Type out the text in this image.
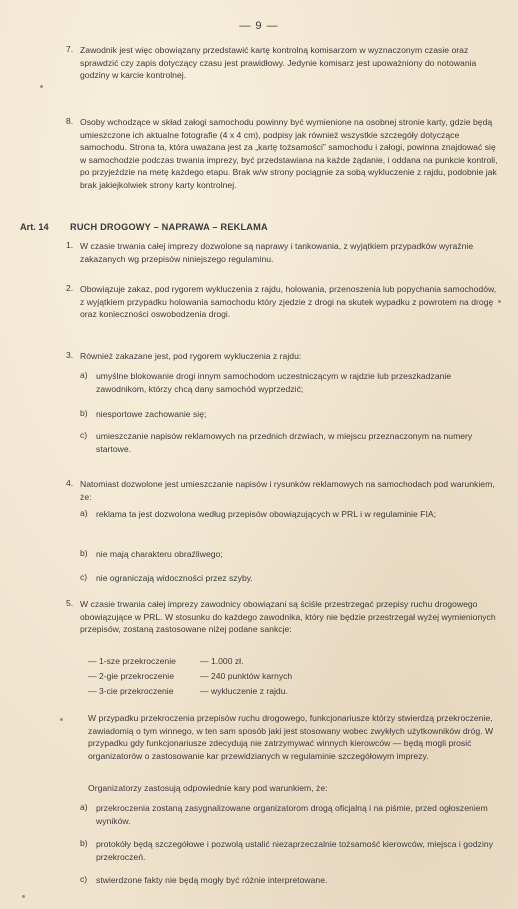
— 9 —
7. Zawodnik jest więc obowiązany przedstawić kartę kontrolną komisarzom w wyznaczonym czasie oraz sprawdzić czy zapis dotyczący czasu jest prawidłowy. Jedynie komisarz jest upoważniony do notowania godziny w karcie kontrolnej.
8. Osoby wchodzące w skład załogi samochodu powinny być wymienione na osobnej stronie karty, gdzie będą umieszczone ich aktualne fotografie (4 x 4 cm), podpisy jak również wszystkie szczegóły dotyczące samochodu. Strona ta, która uważana jest za „kartę tożsamości” samochodu i załogi, powinna znajdować się w samochodzie podczas trwania imprezy, być przedstawiana na każde żądanie, i oddana na punkcie kontroli, po przyjeździe na metę każdego etapu. Brak w/w strony pociągnie za sobą wykluczenie z rajdu, podobnie jak brak jakiejkolwiek strony karty kontrolnej.
Art. 14 RUCH DROGOWY – NAPRAWA – REKLAMA
1. W czasie trwania całej imprezy dozwolone są naprawy i tankowania, z wyjątkiem przypadków wyraźnie zakazanych wg przepisów niniejszego regulaminu.
2. Obowiązuje zakaz, pod rygorem wykluczenia z rajdu, holowania, przenoszenia lub popychania samochodów, z wyjątkiem przypadku holowania samochodu który zjedzie z drogi na skutek wypadku z powrotem na drogę oraz konieczności oswobodzenia drogi.
3. Również zakazane jest, pod rygorem wykluczenia z rajdu:
a) umyślne blokowanie drogi innym samochodom uczestniczącym w rajdzie lub przeszkadzanie zawodnikom, którzy chcą dany samochód wyprzedzić;
b) niesportowe zachowanie się;
c) umieszczanie napisów reklamowych na przednich drzwiach, w miejscu przeznaczonym na numery startowe.
4. Natomiast dozwolone jest umieszczanie napisów i rysunków reklamowych na samochodach pod warunkiem, że:
a) reklama ta jest dozwolona według przepisów obowiązujących w PRL i w regulaminie FIA;
b) nie mają charakteru obraźliwego;
c) nie ograniczają widoczności przez szyby.
5. W czasie trwania całej imprezy zawodnicy obowiązani są ściśle przestrzegać przepisy ruchu drogowego obowiązujące w PRL. W stosunku do każdego zawodnika, który nie będzie przestrzegał wyżej wymienionych przepisów, zostaną zastosowane niżej podane sankcje:
— 1-sze przekroczenie	— 1.000 zł.
— 2-gie przekroczenie	— 240 punktów karnych
— 3-cie przekroczenie	— wykluczenie z rajdu.
W przypadku przekroczenia przepisów ruchu drogowego, funkcjonariusze którzy stwierdzą przekroczenie, zawiadomią o tym winnego, w ten sam sposób jaki jest stosowany wobec zwykłych użytkowników dróg. W przypadku gdy funkcjonariusze zdecydują nie zatrzymywać winnych kierowców — będą mogli prosić organizatorów o zastosowanie kar przewidzianych w regulaminie szczegółowym imprezy.
Organizatorzy zastosują odpowiednie kary pod warunkiem, że:
a) przekroczenia zostaną zasygnalizowane organizatorom drogą oficjalną i na piśmie, przed ogłoszeniem wyników.
b) protokóły będą szczegółowe i pozwolą ustalić niezaprzeczalnie tożsamość kierowców, miejsca i godziny przekroczeń.
c) stwierdzone fakty nie będą mogły być różnie interpretowane.
